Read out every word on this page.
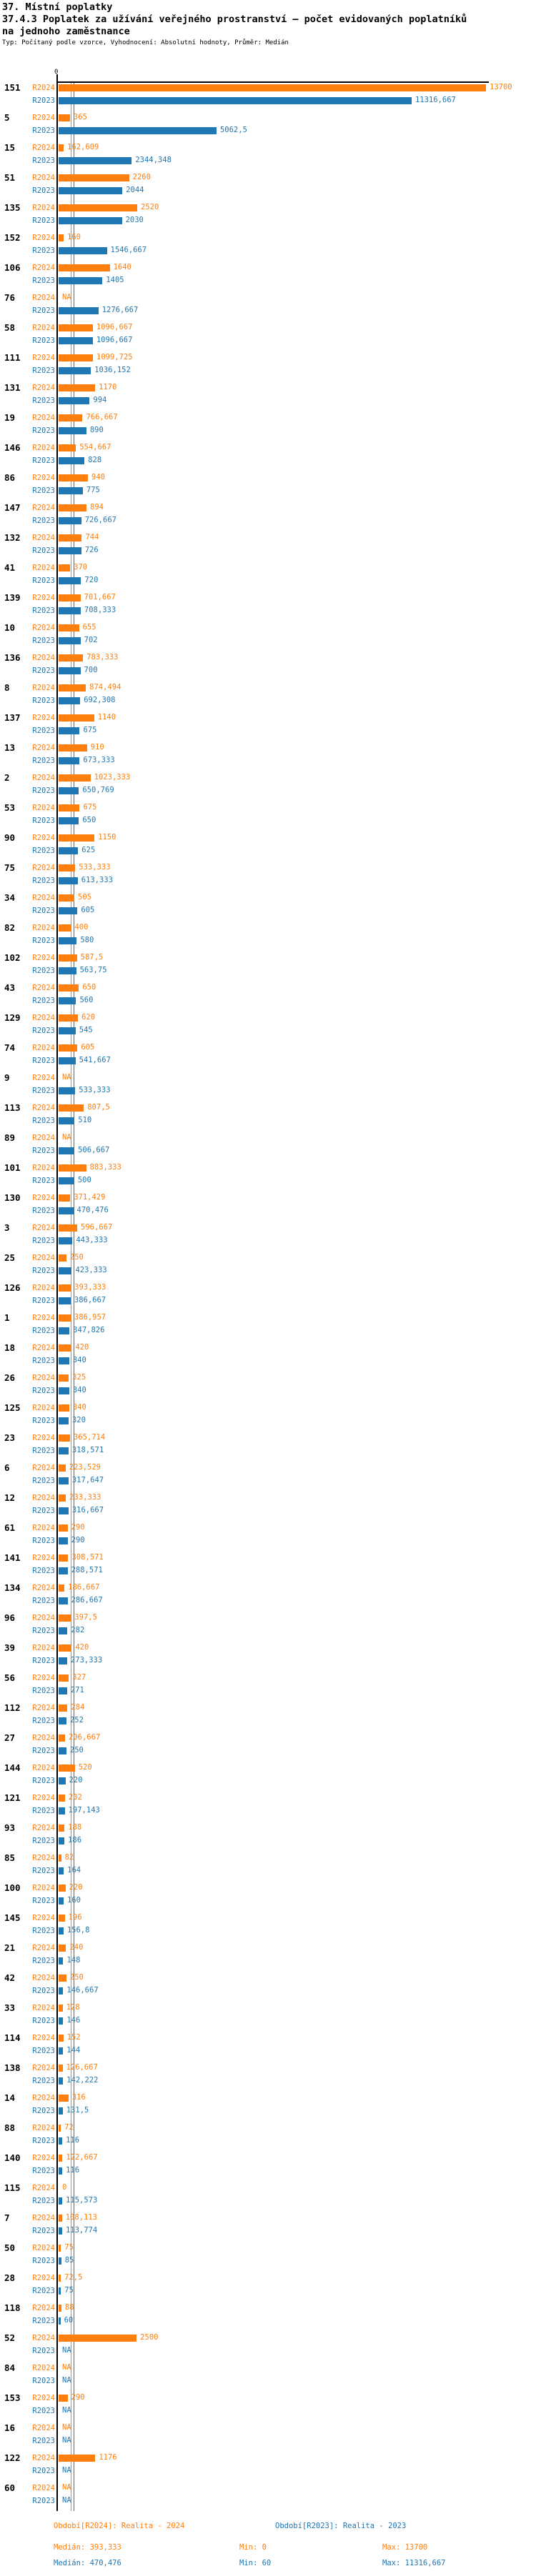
37. Místní poplatky
37.4.3 Poplatek za užívání veřejného prostranství – počet evidovaných poplatníků
na jednoho zaměstnance
Typ: Počítaný podle vzorce, Vyhodnocení: Absolutní hodnoty, Průměr: Medián
0
151	R2024
R2023
13700
11316,667
5	R2024
R2023
365
5062,5
15	R2024
R2023
162,609
2344,348
51	R2024
R2023
2260
2044
135	R2024
R2023
2520
2030
152	R2024
R2023
160
1546,667
106	R2024
R2023
1640
1405
76	R2024
R2023
NA
1276,667
58	R2024
R2023
1096,667
1096,667
111	R2024
R2023
1099,725
1036,152
131	R2024
R2023
1170
994
19	R2024
R2023
766,667
890
146	R2024
R2023
554,667
828
86	R2024
R2023
940
775
147	R2024
R2023
894
726,667
132	R2024
R2023
744
726
41	R2024
R2023
370
720
139	R2024
R2023
701,667
708,333
10	R2024
R2023
655
702
136	R2024
R2023
783,333
700
8	R2024
R2023
874,494
692,308
137	R2024
R2023
1140
675
13	R2024
R2023
910
673,333
2	R2024
R2023
1023,333
650,769
53	R2024
R2023
675
650
90	R2024
R2023
1150
625
75	R2024
R2023
533,333
613,333
34	R2024
R2023
505
605
82	R2024
R2023
400
580
102	R2024
R2023
587,5
563,75
43	R2024
R2023
650
560
129	R2024
R2023
620
545
74	R2024
R2023
605
541,667
9	R2024
R2023
NA
533,333
113	R2024
R2023
807,5
510
89	R2024
R2023
NA
506,667
101	R2024
R2023
883,333
500
130	R2024
R2023
371,429
470,476
3	R2024
R2023
596,667
443,333
25	R2024
R2023
250
423,333
126	R2024
R2023
393,333
386,667
1	R2024
R2023
386,957
347,826
18	R2024
R2023
420
340
26	R2024
R2023
325
340
125	R2024
R2023
340
320
23	R2024
R2023
365,714
318,571
6	R2024
R2023
223,529
317,647
12	R2024
R2023
233,333
316,667
61	R2024
R2023
290
290
141	R2024
R2023
308,571
288,571
134	R2024
R2023
186,667
286,667
96	R2024
R2023
397,5
282
39	R2024
R2023
420
273,333
56	R2024
R2023
327
271
112	R2024
R2023
284
252
27	R2024
R2023
206,667
250
144	R2024
R2023
520
220
121	R2024
R2023
202
197,143
93	R2024
R2023
188
186
85	R2024
R2023
82
164
100	R2024
R2023
220
160
145	R2024
R2023
196
156,8
21	R2024
R2023
240
148
42	R2024
R2023
250
146,667
33	R2024
R2023
128
146
114	R2024
R2023
152
144
138	R2024
R2023
126,667
142,222
14	R2024
R2023
316
131,5
88	R2024
R2023
72
116
140	R2024
R2023
122,667
116
115	R2024
R2023
0
115,573
7	R2024
R2023
108,113
113,774
50	R2024
R2023
75
85
28	R2024
R2023
72,5
75
118	R2024
R2023
88
60
52	R2024
R2023
2500
NA
84	R2024
R2023
NA
NA
153	R2024
R2023
290
NA
16	R2024
R2023
NA
NA
122	R2024
R2023
1176
NA
60	R2024
R2023
NA
NA
Období[R2024]: Realita - 2024	Období[R2023]: Realita - 2023
Medián: 393,333	Min: 0	Max: 13700
Medián: 470,476	Min: 60	Max: 11316,667
